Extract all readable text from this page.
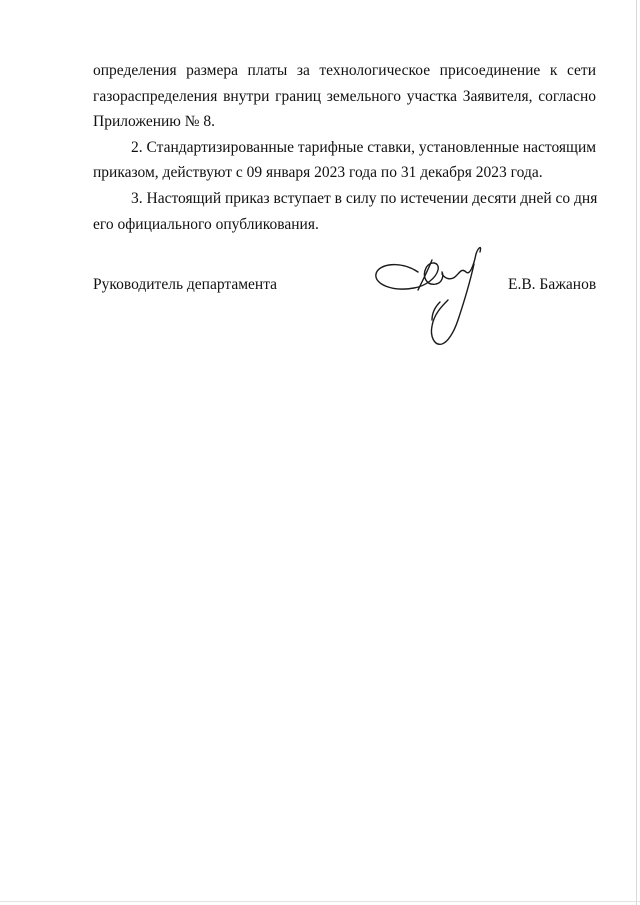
определения размера платы за технологическое присоединение к сети
газораспределения внутри границ земельного участка Заявителя, согласно
Приложению № 8.
2. Стандартизированные тарифные ставки, установленные настоящим
приказом, действуют с 09 января 2023 года по 31 декабря 2023 года.
3. Настоящий приказ вступает в силу по истечении десяти дней со дня
его официального опубликования.
Руководитель департамента	Е.В. Бажанов
